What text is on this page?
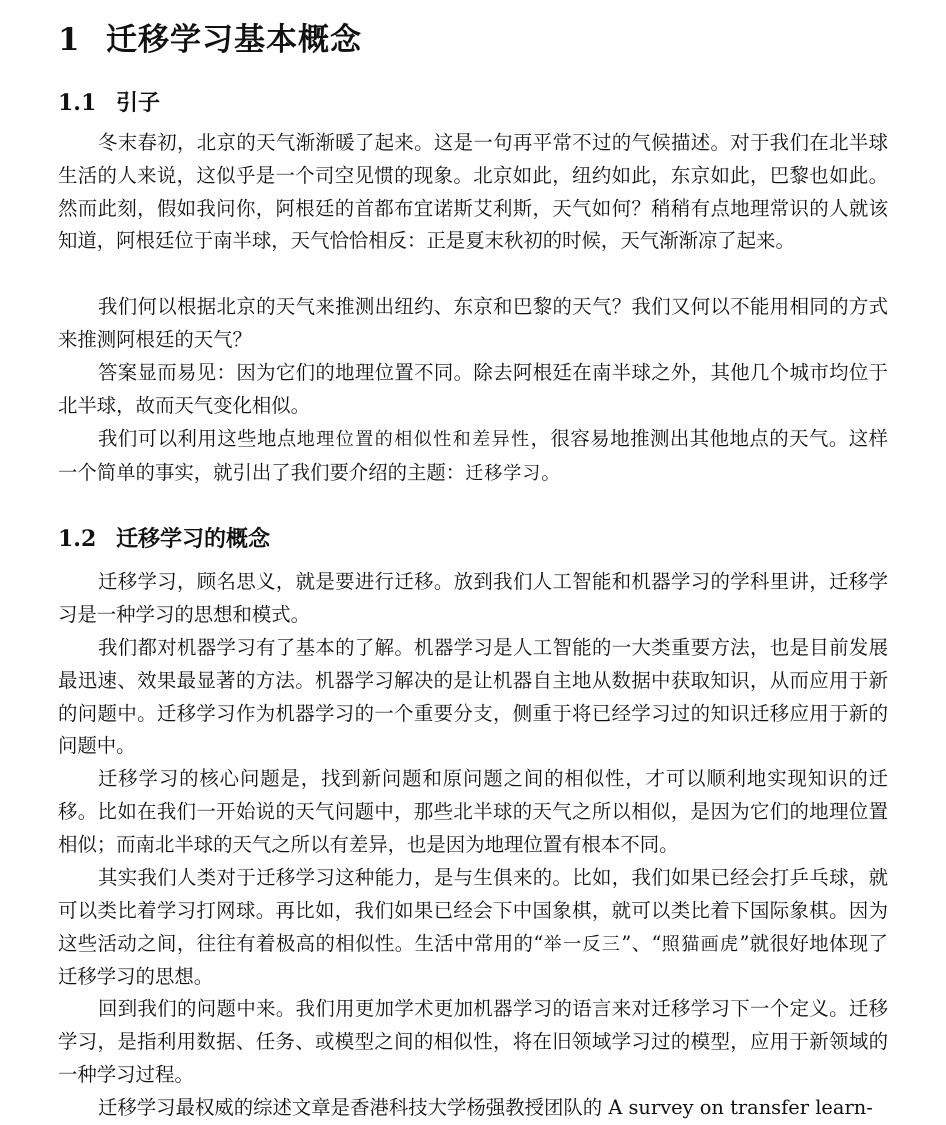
1 迁移学习基本概念
1.1 引子

冬末春初，北京的天气渐渐暖了起来。这是一句再平常不过的气候描述。对于我们在北半球生活的人来说，这似乎是一个司空见惯的现象。北京如此，纽约如此，东京如此，巴黎也如此。然而此刻，假如我问你，阿根廷的首都布宜诺斯艾利斯，天气如何？稍稍有点地理常识的人就该知道，阿根廷位于南半球，天气恰恰相反：正是夏末秋初的时候，天气渐渐凉了起来。

我们何以根据北京的天气来推测出纽约、东京和巴黎的天气？我们又何以不能用相同的方式来推测阿根廷的天气？

答案显而易见：因为它们的地理位置不同。除去阿根廷在南半球之外，其他几个城市均位于北半球，故而天气变化相似。

我们可以利用这些地点地理位置的相似性和差异性，很容易地推测出其他地点的天气。这样一个简单的事实，就引出了我们要介绍的主题：迁移学习。

1.2 迁移学习的概念

迁移学习，顾名思义，就是要进行迁移。放到我们人工智能和机器学习的学科里讲，迁移学习是一种学习的思想和模式。

我们都对机器学习有了基本的了解。机器学习是人工智能的一大类重要方法，也是目前发展最迅速、效果最显著的方法。机器学习解决的是让机器自主地从数据中获取知识，从而应用于新的问题中。迁移学习作为机器学习的一个重要分支，侧重于将已经学习过的知识迁移应用于新的问题中。

迁移学习的核心问题是，找到新问题和原问题之间的相似性，才可以顺利地实现知识的迁移。比如在我们一开始说的天气问题中，那些北半球的天气之所以相似，是因为它们的地理位置相似；而南北半球的天气之所以有差异，也是因为地理位置有根本不同。

其实我们人类对于迁移学习这种能力，是与生俱来的。比如，我们如果已经会打乒乓球，就可以类比着学习打网球。再比如，我们如果已经会下中国象棋，就可以类比着下国际象棋。因为这些活动之间，往往有着极高的相似性。生活中常用的“举一反三”、“照猫画虎”就很好地体现了迁移学习的思想。

回到我们的问题中来。我们用更加学术更加机器学习的语言来对迁移学习下一个定义。迁移学习，是指利用数据、任务、或模型之间的相似性，将在旧领域学习过的模型，应用于新领域的一种学习过程。

迁移学习最权威的综述文章是香港科技大学杨强教授团队的 A survey on transfer learn-
